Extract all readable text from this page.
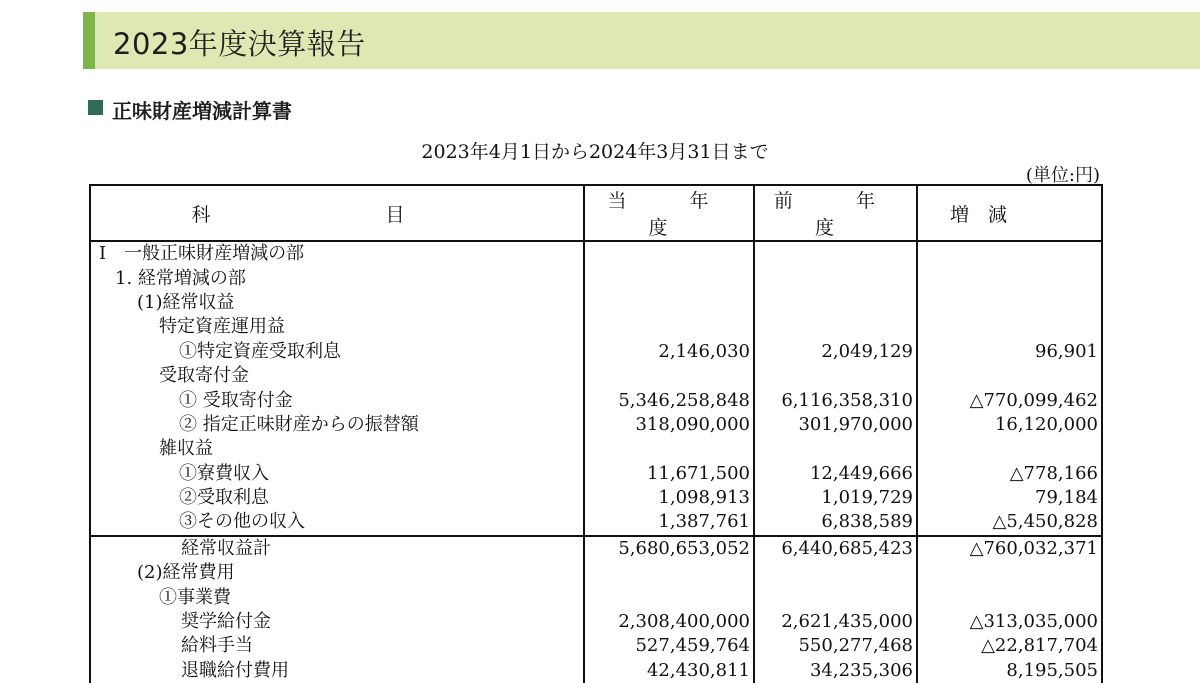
2023年度決算報告
正味財産増減計算書
2023年4月1日から2024年3月31日まで
(単位:円)
科　目	当　年　度	前　年　度	増　減
Ⅰ　一般正味財産増減の部			
1. 経常増減の部			
(1)経常収益			
特定資産運用益			
①特定資産受取利息	2,146,030	2,049,129	96,901
受取寄付金			
① 受取寄付金	5,346,258,848	6,116,358,310	△770,099,462
② 指定正味財産からの振替額	318,090,000	301,970,000	16,120,000
雑収益			
①寮費収入	11,671,500	12,449,666	△778,166
②受取利息	1,098,913	1,019,729	79,184
③その他の収入	1,387,761	6,838,589	△5,450,828
経常収益計	5,680,653,052	6,440,685,423	△760,032,371
(2)経常費用			
①事業費			
奨学給付金	2,308,400,000	2,621,435,000	△313,035,000
給料手当	527,459,764	550,277,468	△22,817,704
退職給付費用	42,430,811	34,235,306	8,195,505
